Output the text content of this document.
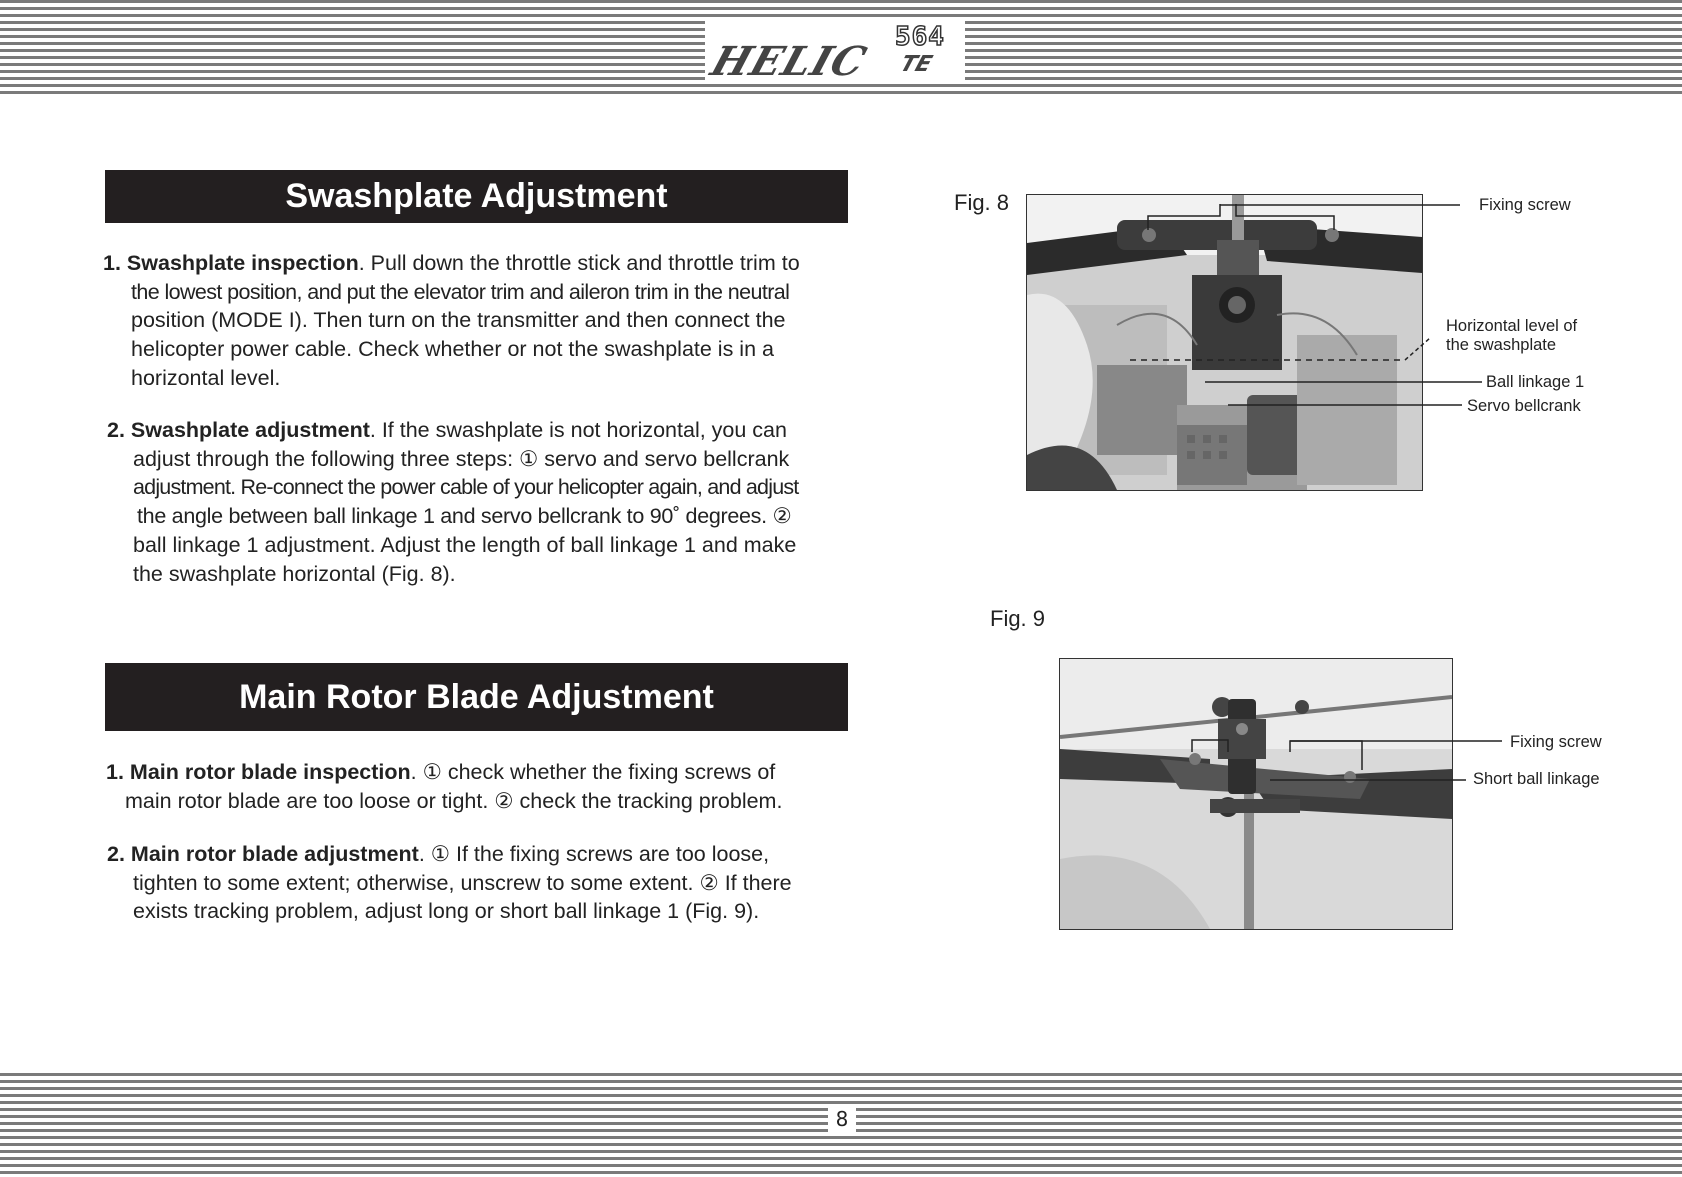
HELIC
564
TE
Swashplate Adjustment
1. Swashplate inspection. Pull down the throttle stick and throttle trim to
the lowest position, and put the elevator trim and aileron trim in the neutral
position (MODE I). Then turn on the transmitter and then connect the
helicopter power cable. Check whether or not the swashplate is in a
horizontal level.
2. Swashplate adjustment. If the swashplate is not horizontal, you can
adjust through the following three steps: ① servo and servo bellcrank
adjustment. Re-connect the power cable of your helicopter again, and adjust
the angle between ball linkage 1 and servo bellcrank to 90˚ degrees. ②
ball linkage 1 adjustment. Adjust the length of ball linkage 1 and make
the swashplate horizontal (Fig. 8).
Main Rotor Blade Adjustment
1. Main rotor blade inspection. ① check whether the fixing screws of
main rotor blade are too loose or tight. ② check the tracking problem.
2. Main rotor blade adjustment. ① If the fixing screws are too loose,
tighten to some extent; otherwise, unscrew to some extent. ② If there
exists tracking problem, adjust long or short ball linkage 1 (Fig. 9).
Fig. 8
Fig. 9
Fixing screw
Horizontal level of
the swashplate
Ball linkage 1
Servo bellcrank
Fixing screw
Short ball linkage
8
